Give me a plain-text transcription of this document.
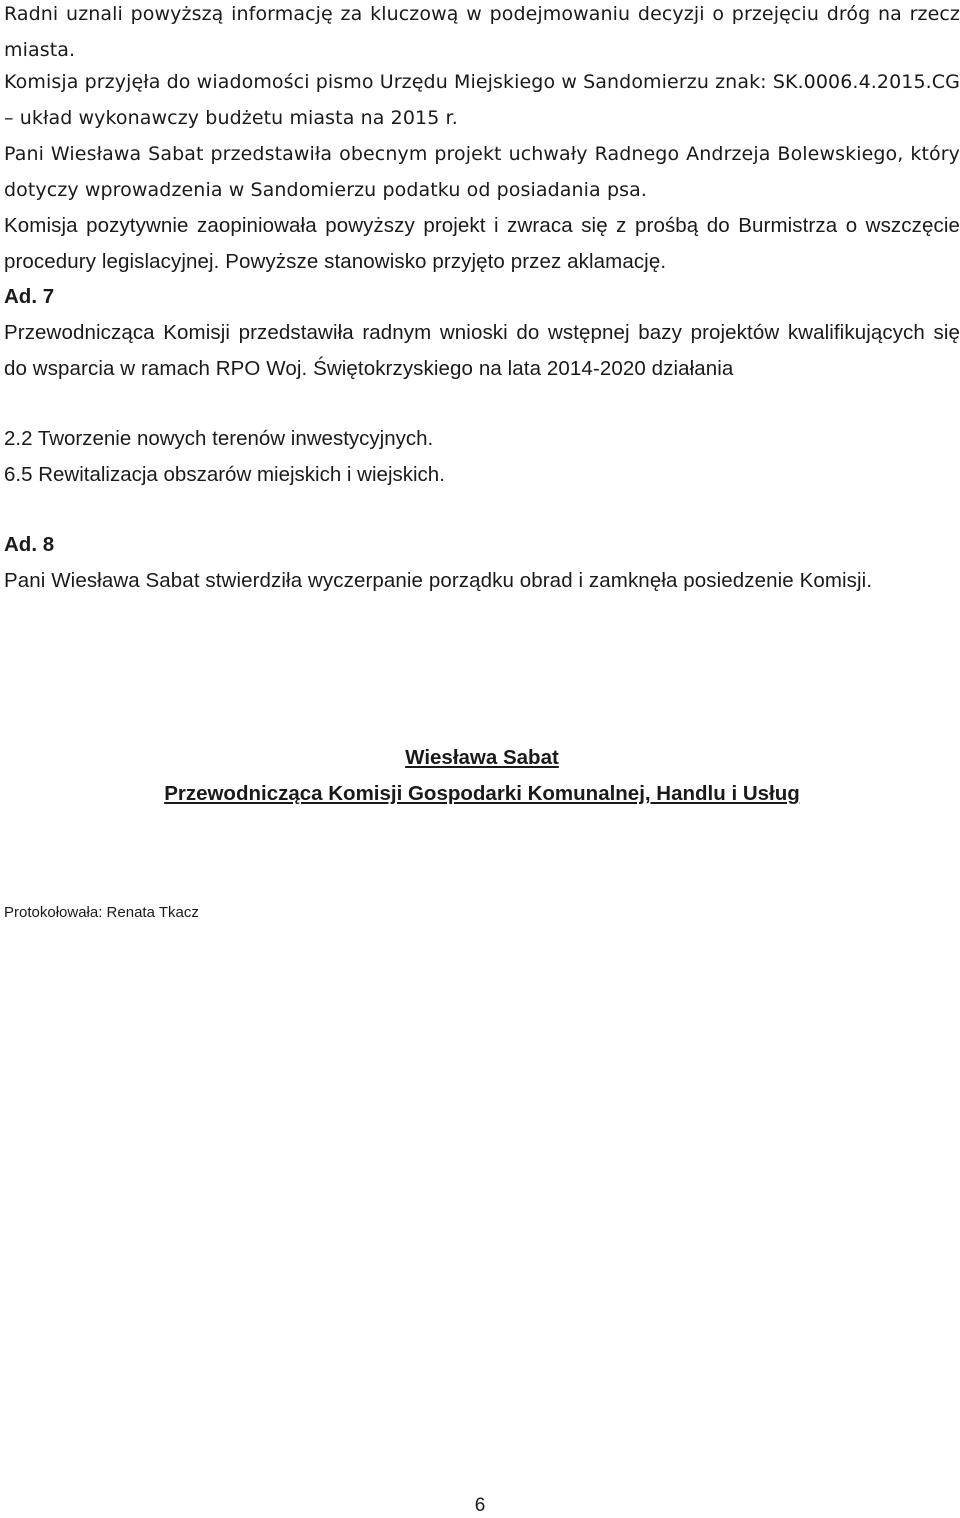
Radni uznali powyższą informację za kluczową w podejmowaniu decyzji o przejęciu dróg na rzecz miasta.

Komisja przyjęła do wiadomości pismo Urzędu Miejskiego w Sandomierzu znak: SK.0006.4.2015.CG – układ wykonawczy budżetu miasta na 2015 r.

Pani Wiesława Sabat przedstawiła obecnym projekt uchwały Radnego Andrzeja Bolewskiego, który dotyczy wprowadzenia w Sandomierzu podatku od posiadania psa.

Komisja pozytywnie zaopiniowała powyższy projekt i zwraca się z prośbą do Burmistrza o wszczęcie procedury legislacyjnej. Powyższe stanowisko przyjęto przez aklamację.

Ad. 7

Przewodnicząca Komisji przedstawiła radnym wnioski do wstępnej bazy projektów kwalifikujących się do wsparcia w ramach RPO Woj. Świętokrzyskiego na lata 2014-2020 działania

2.2 Tworzenie nowych terenów inwestycyjnych.
6.5 Rewitalizacja obszarów miejskich i wiejskich.
Ad. 8

Pani Wiesława Sabat stwierdziła wyczerpanie porządku obrad i zamknęła posiedzenie Komisji.

Wiesława Sabat
Przewodnicząca Komisji Gospodarki Komunalnej, Handlu i Usług
Protokołowała: Renata Tkacz
6
